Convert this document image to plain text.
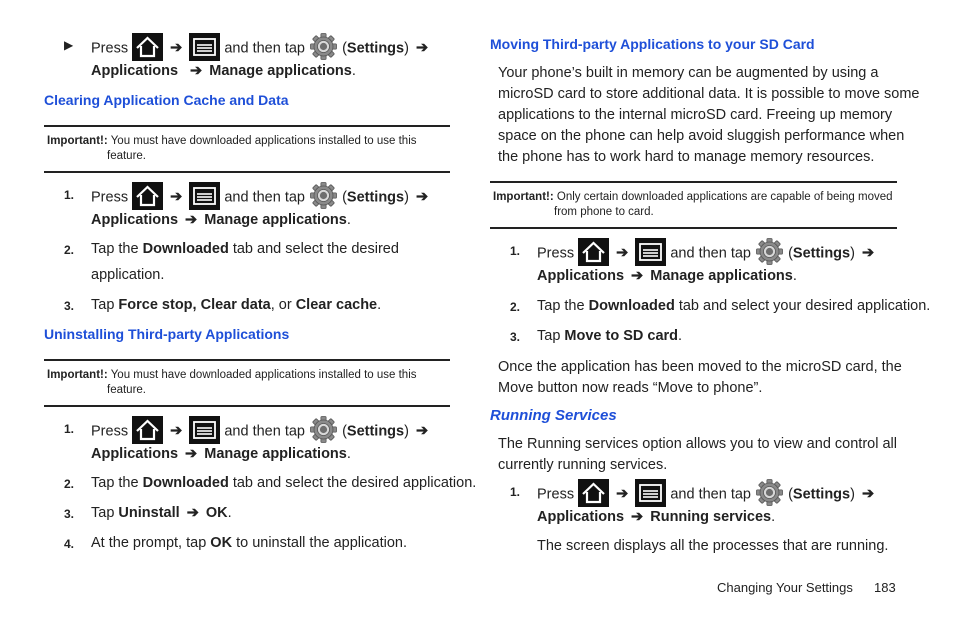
▶ Press	➔	and then tap	(Settings) ➔
Applications ➔ Manage applications.
Clearing Application Cache and Data
Important!: You must have downloaded applications installed to use this
feature.
1. Press	➔	and then tap	(Settings) ➔
Applications ➔ Manage applications.
2. Tap the Downloaded tab and select the desired
application.
3. Tap Force stop, Clear data, or Clear cache.
Uninstalling Third-party Applications
Important!: You must have downloaded applications installed to use this
feature.
1. Press	➔	and then tap	(Settings) ➔
Applications ➔ Manage applications.
2. Tap the Downloaded tab and select the desired application.
3. Tap Uninstall ➔ OK.
4. At the prompt, tap OK to uninstall the application.
Moving Third-party Applications to your SD Card
Your phone’s built in memory can be augmented by using a
microSD card to store additional data. It is possible to move some
applications to the internal microSD card. Freeing up memory
space on the phone can help avoid sluggish performance when
the phone has to work hard to manage memory resources.
Important!: Only certain downloaded applications are capable of being moved
from phone to card.
1. Press	➔	and then tap	(Settings) ➔
Applications ➔ Manage applications.
2. Tap the Downloaded tab and select your desired application.
3. Tap Move to SD card.
Once the application has been moved to the microSD card, the
Move button now reads “Move to phone”.
Running Services
The Running services option allows you to view and control all
currently running services.
1. Press	➔	and then tap	(Settings) ➔
Applications ➔ Running services.
The screen displays all the processes that are running.
Changing Your Settings 183
